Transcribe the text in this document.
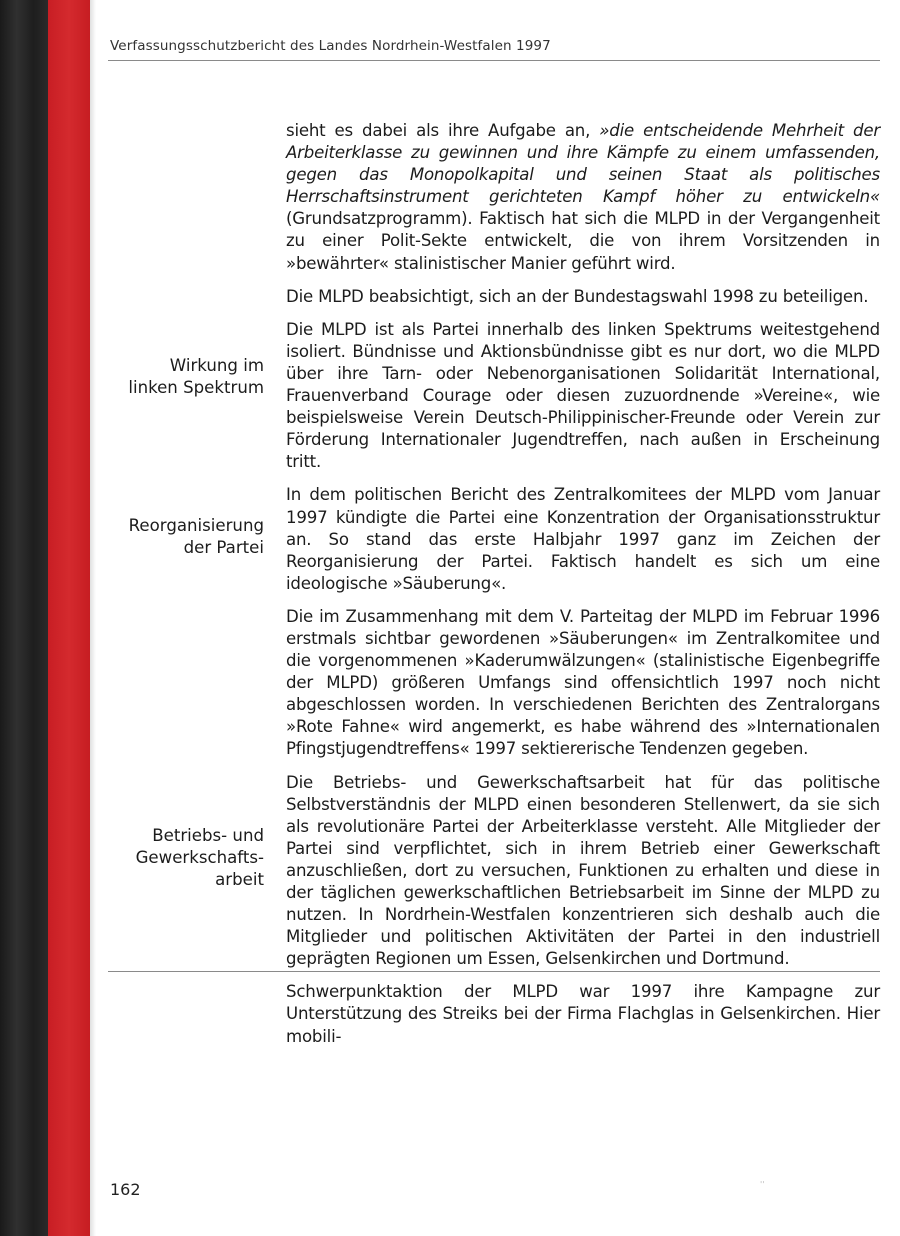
Verfassungsschutzbericht des Landes Nordrhein-Westfalen 1997
Wirkung im
linken Spektrum
Reorganisierung
der Partei
Betriebs- und
Gewerkschafts-
arbeit

sieht es dabei als ihre Aufgabe an, »die entscheidende Mehrheit der Arbeiterklasse zu gewinnen und ihre Kämpfe zu einem umfassenden, gegen das Monopolkapital und seinen Staat als politisches Herrschaftsinstrument gerichteten Kampf höher zu entwickeln« (Grundsatzprogramm). Faktisch hat sich die MLPD in der Vergangenheit zu einer Polit-Sekte entwickelt, die von ihrem Vorsitzenden in »bewährter« stalinistischer Manier geführt wird.

Die MLPD beabsichtigt, sich an der Bundestagswahl 1998 zu beteiligen.

Die MLPD ist als Partei innerhalb des linken Spektrums weitestgehend isoliert. Bündnisse und Aktionsbündnisse gibt es nur dort, wo die MLPD über ihre Tarn- oder Nebenorganisationen Solidarität International, Frauenverband Courage oder diesen zuzuordnende »Vereine«, wie beispielsweise Verein Deutsch-Philippinischer-Freunde oder Verein zur Förderung Internationaler Jugendtreffen, nach außen in Erscheinung tritt.

In dem politischen Bericht des Zentralkomitees der MLPD vom Januar 1997 kündigte die Partei eine Konzentration der Organisationsstruktur an. So stand das erste Halbjahr 1997 ganz im Zeichen der Reorganisierung der Partei. Faktisch handelt es sich um eine ideologische »Säuberung«.

Die im Zusammenhang mit dem V. Parteitag der MLPD im Februar 1996 erstmals sichtbar gewordenen »Säuberungen« im Zentralkomitee und die vorgenommenen »Kaderumwälzungen« (stalinistische Eigenbegriffe der MLPD) größeren Umfangs sind offensichtlich 1997 noch nicht abgeschlossen worden. In verschiedenen Berichten des Zentralorgans »Rote Fahne« wird angemerkt, es habe während des »Internationalen Pfingstjugendtreffens« 1997 sektiererische Tendenzen gegeben.

Die Betriebs- und Gewerkschaftsarbeit hat für das politische Selbstverständnis der MLPD einen besonderen Stellenwert, da sie sich als revolutionäre Partei der Arbeiterklasse versteht. Alle Mitglieder der Partei sind verpflichtet, sich in ihrem Betrieb einer Gewerkschaft anzuschließen, dort zu versuchen, Funktionen zu erhalten und diese in der täglichen gewerkschaftlichen Betriebsarbeit im Sinne der MLPD zu nutzen. In Nordrhein-Westfalen konzentrieren sich deshalb auch die Mitglieder und politischen Aktivitäten der Partei in den industriell geprägten Regionen um Essen, Gelsenkirchen und Dortmund.

Schwerpunktaktion der MLPD war 1997 ihre Kampagne zur Unterstützung des Streiks bei der Firma Flachglas in Gelsenkirchen. Hier mobili-

162	''
